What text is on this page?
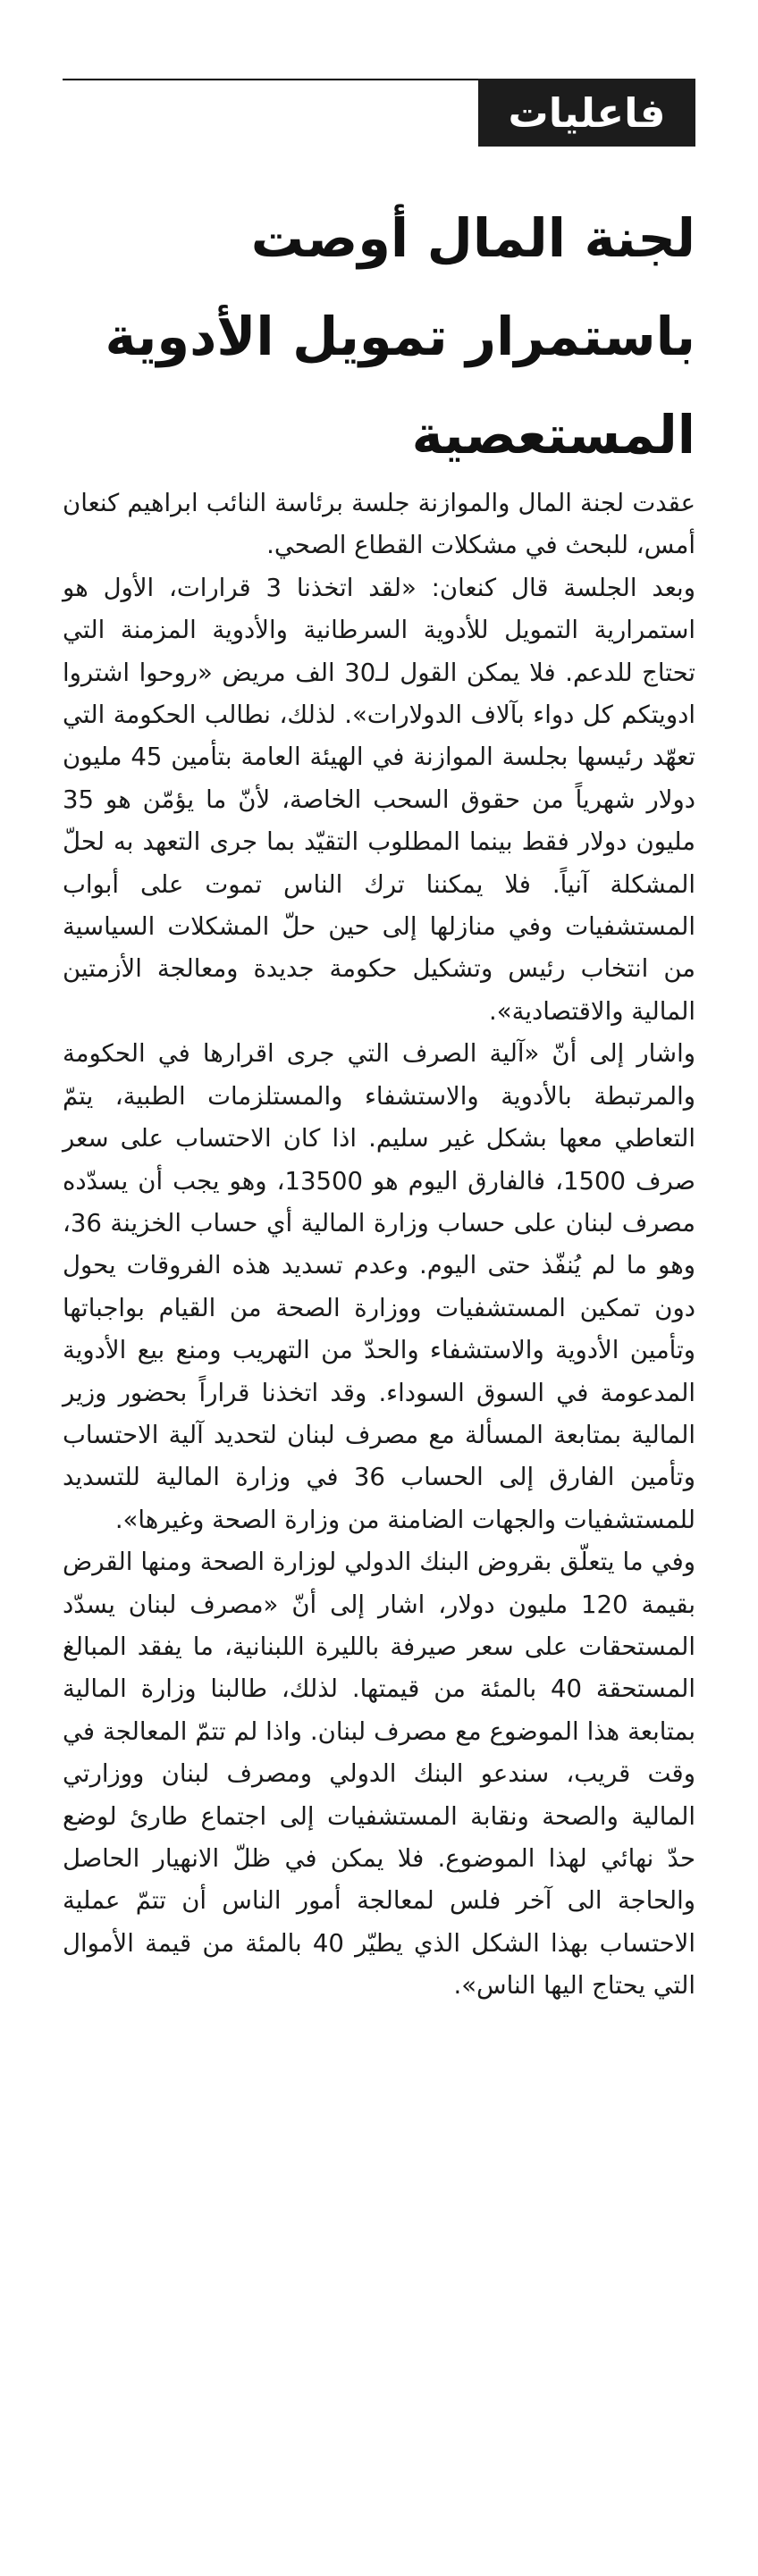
فاعليات
لجنة المال أوصت باستمرار تمويل الأدوية المستعصية

عقدت لجنة المال والموازنة جلسة برئاسة النائب ابراهيم كنعان أمس، للبحث في مشكلات القطاع الصحي.

وبعد الجلسة قال كنعان: «لقد اتخذنا 3 قرارات، الأول هو استمرارية التمويل للأدوية السرطانية والأدوية المزمنة التي تحتاج للدعم. فلا يمكن القول لـ30 الف مريض «روحوا اشتروا ادويتكم كل دواء بآلاف الدولارات». لذلك، نطالب الحكومة التي تعهّد رئيسها بجلسة الموازنة في الهيئة العامة بتأمين 45 مليون دولار شهرياً من حقوق السحب الخاصة، لأنّ ما يؤمّن هو 35 مليون دولار فقط بينما المطلوب التقيّد بما جرى التعهد به لحلّ المشكلة آنياً. فلا يمكننا ترك الناس تموت على أبواب المستشفيات وفي منازلها إلى حين حلّ المشكلات السياسية من انتخاب رئيس وتشكيل حكومة جديدة ومعالجة الأزمتين المالية والاقتصادية».

واشار إلى أنّ «آلية الصرف التي جرى اقرارها في الحكومة والمرتبطة بالأدوية والاستشفاء والمستلزمات الطبية، يتمّ التعاطي معها بشكل غير سليم. اذا كان الاحتساب على سعر صرف 1500، فالفارق اليوم هو 13500، وهو يجب أن يسدّده مصرف لبنان على حساب وزارة المالية أي حساب الخزينة 36، وهو ما لم يُنفّذ حتى اليوم. وعدم تسديد هذه الفروقات يحول دون تمكين المستشفيات ووزارة الصحة من القيام بواجباتها وتأمين الأدوية والاستشفاء والحدّ من التهريب ومنع بيع الأدوية المدعومة في السوق السوداء. وقد اتخذنا قراراً بحضور وزير المالية بمتابعة المسألة مع مصرف لبنان لتحديد آلية الاحتساب وتأمين الفارق إلى الحساب 36 في وزارة المالية للتسديد للمستشفيات والجهات الضامنة من وزارة الصحة وغيرها».

وفي ما يتعلّق بقروض البنك الدولي لوزارة الصحة ومنها القرض بقيمة 120 مليون دولار، اشار إلى أنّ «مصرف لبنان يسدّد المستحقات على سعر صيرفة بالليرة اللبنانية، ما يفقد المبالغ المستحقة 40 بالمئة من قيمتها. لذلك، طالبنا وزارة المالية بمتابعة هذا الموضوع مع مصرف لبنان. واذا لم تتمّ المعالجة في وقت قريب، سندعو البنك الدولي ومصرف لبنان ووزارتي المالية والصحة ونقابة المستشفيات إلى اجتماع طارئ لوضع حدّ نهائي لهذا الموضوع. فلا يمكن في ظلّ الانهيار الحاصل والحاجة الى آخر فلس لمعالجة أمور الناس أن تتمّ عملية الاحتساب بهذا الشكل الذي يطيّر 40 بالمئة من قيمة الأموال التي يحتاج اليها الناس».
